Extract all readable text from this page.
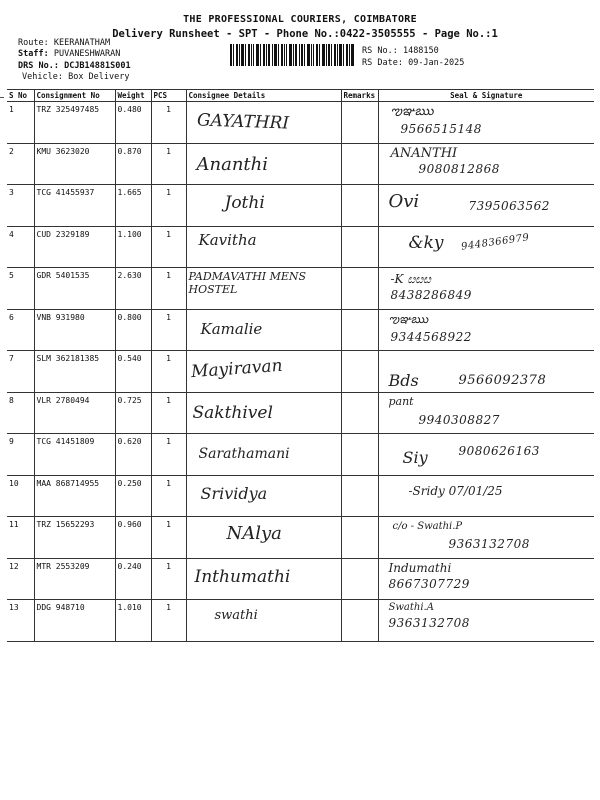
THE PROFESSIONAL COURIERS, COIMBATORE
Delivery Runsheet - SPT - Phone No.:0422-3505555 - Page No.:1
Route: KEERANATHAM
Staff: PUVANESHWARAN
DRS No.: DCJB14881S001
Vehicle: Box Delivery
RS No.: 1488150
RS Date: 09-Jan-2025
S No	Consignment No	Weight	PCS	Consignee Details	Remarks	Seal & Signature
1	TRZ 325497485	0.480	1	GAYATHRI		ఌఞఋ
9566515148

2	KMU 3623020	0.870	1	Ananthi		ANANTHI
9080812868

3	TCG 41455937	1.665	1	Jothi		Ovi 7395063562

4	CUD 2329189	1.100	1	Kavitha		&ky 9448366979

5	GDR 5401535	2.630	1	PADMAVATHI MENS HOSTEL		-K ೞೞೞ
8438286849

6	VNB 931980	0.800	1	Kamalie		ఌఞఋ
9344568922

7	SLM 362181385	0.540	1	Mayiravan		Bds 9566092378

8	VLR 2780494	0.725	1	Sakthivel		pant
9940308827

9	TCG 41451809	0.620	1	Sarathamani		Siy 9080626163

10	MAA 868714955	0.250	1	Srividya		-Sridy 07/01/25

11	TRZ 15652293	0.960	1	NAlya		c/o - Swathi.P
9363132708

12	MTR 2553209	0.240	1	Inthumathi		Indumathi
8667307729

13	DDG 948710	1.010	1	swathi		Swathi.A
9363132708
